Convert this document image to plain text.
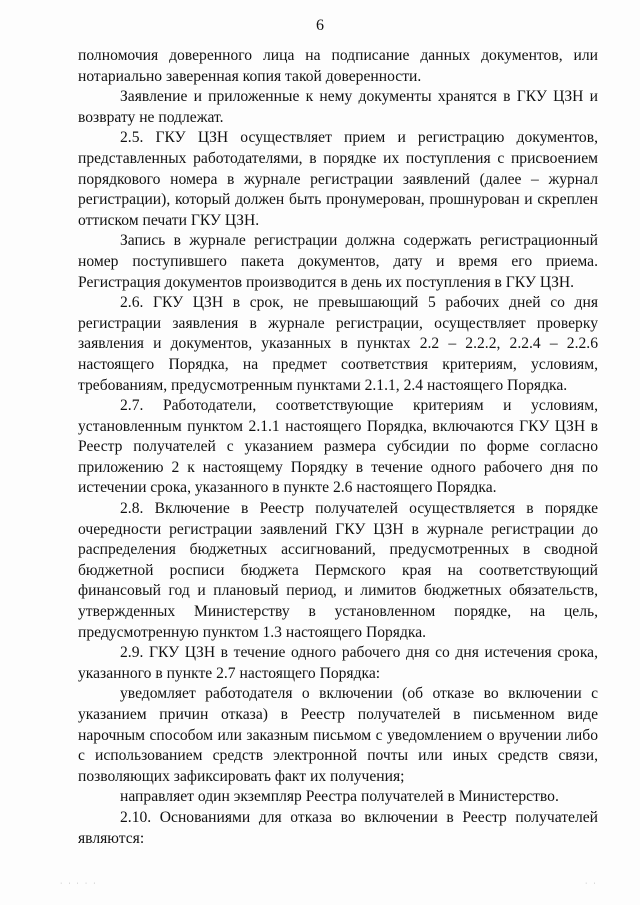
6

полномочия доверенного лица на подписание данных документов, или нотариально заверенная копия такой доверенности.

Заявление и приложенные к нему документы хранятся в ГКУ ЦЗН и возврату не подлежат.

2.5. ГКУ ЦЗН осуществляет прием и регистрацию документов, представленных работодателями, в порядке их поступления с присвоением порядкового номера в журнале регистрации заявлений (далее – журнал регистрации), который должен быть пронумерован, прошнурован и скреплен оттиском печати ГКУ ЦЗН.

Запись в журнале регистрации должна содержать регистрационный номер поступившего пакета документов, дату и время его приема. Регистрация документов производится в день их поступления в ГКУ ЦЗН.

2.6. ГКУ ЦЗН в срок, не превышающий 5 рабочих дней со дня регистрации заявления в журнале регистрации, осуществляет проверку заявления и документов, указанных в пунктах 2.2 – 2.2.2, 2.2.4 – 2.2.6 настоящего Порядка, на предмет соответствия критериям, условиям, требованиям, предусмотренным пунктами 2.1.1, 2.4 настоящего Порядка.

2.7. Работодатели, соответствующие критериям и условиям, установленным пунктом 2.1.1 настоящего Порядка, включаются ГКУ ЦЗН в Реестр получателей с указанием размера субсидии по форме согласно приложению 2 к настоящему Порядку в течение одного рабочего дня по истечении срока, указанного в пункте 2.6 настоящего Порядка.

2.8. Включение в Реестр получателей осуществляется в порядке очередности регистрации заявлений ГКУ ЦЗН в журнале регистрации до распределения бюджетных ассигнований, предусмотренных в сводной бюджетной росписи бюджета Пермского края на соответствующий финансовый год и плановый период, и лимитов бюджетных обязательств, утвержденных Министерству в установленном порядке, на цель, предусмотренную пунктом 1.3 настоящего Порядка.

2.9. ГКУ ЦЗН в течение одного рабочего дня со дня истечения срока, указанного в пункте 2.7 настоящего Порядка:

уведомляет работодателя о включении (об отказе во включении с указанием причин отказа) в Реестр получателей в письменном виде нарочным способом или заказным письмом с уведомлением о вручении либо с использованием средств электронной почты или иных средств связи, позволяющих зафиксировать факт их получения;

направляет один экземпляр Реестра получателей в Министерство.

2.10. Основаниями для отказа во включении в Реестр получателей являются:

· · · · ·	· ·
